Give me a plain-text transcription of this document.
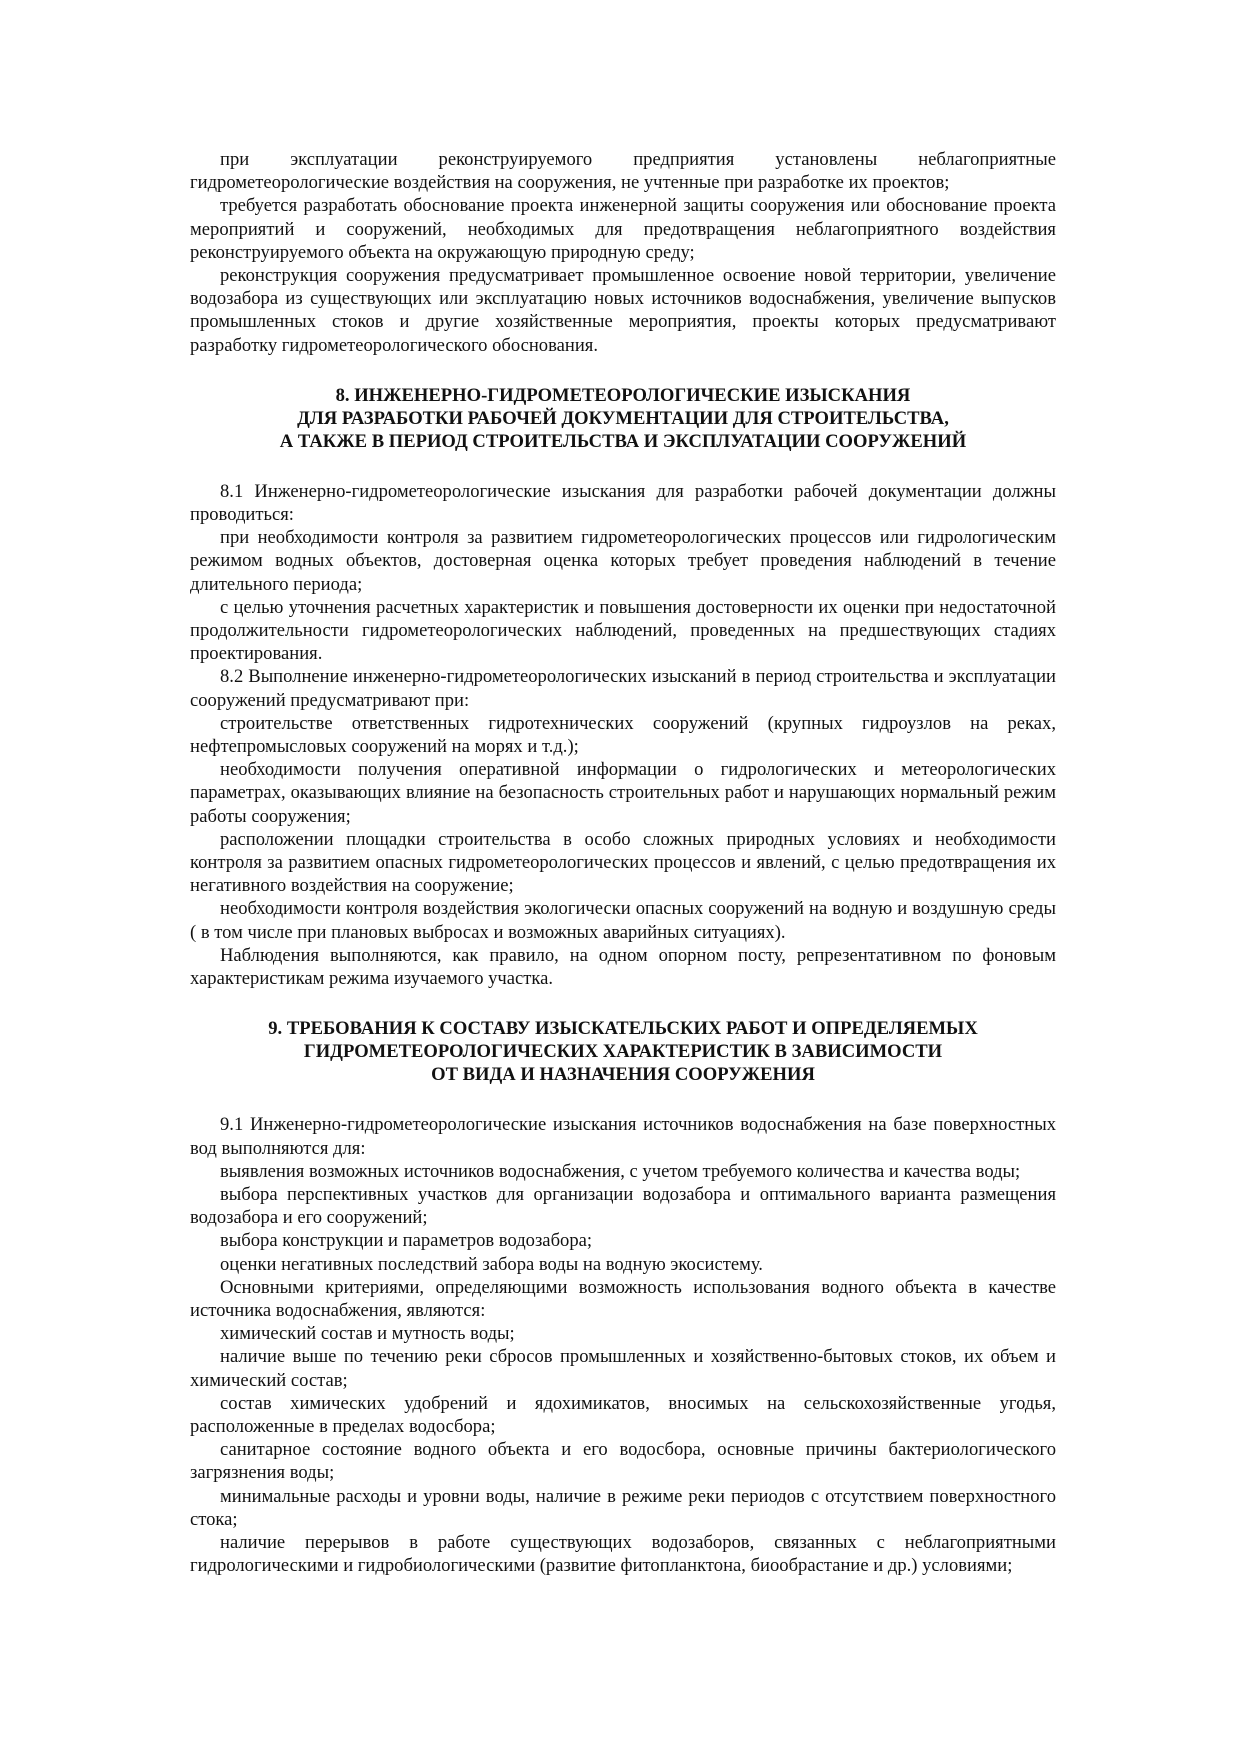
при эксплуатации реконструируемого предприятия установлены неблагоприятные гидрометеорологические воздействия на сооружения, не учтенные при разработке их проектов;

требуется разработать обоснование проекта инженерной защиты сооружения или обоснование проекта мероприятий и сооружений, необходимых для предотвращения неблагоприятного воздействия реконструируемого объекта на окружающую природную среду;

реконструкция сооружения предусматривает промышленное освоение новой территории, увеличение водозабора из существующих или эксплуатацию новых источников водоснабжения, увеличение выпусков промышленных стоков и другие хозяйственные мероприятия, проекты которых предусматривают разработку гидрометеорологического обоснования.

8. ИНЖЕНЕРНО-ГИДРОМЕТЕОРОЛОГИЧЕСКИЕ ИЗЫСКАНИЯ
ДЛЯ РАЗРАБОТКИ РАБОЧЕЙ ДОКУМЕНТАЦИИ ДЛЯ СТРОИТЕЛЬСТВА,
А ТАКЖЕ В ПЕРИОД СТРОИТЕЛЬСТВА И ЭКСПЛУАТАЦИИ СООРУЖЕНИЙ

8.1 Инженерно-гидрометеорологические изыскания для разработки рабочей документации должны проводиться:

при необходимости контроля за развитием гидрометеорологических процессов или гидрологическим режимом водных объектов, достоверная оценка которых требует проведения наблюдений в течение длительного периода;

с целью уточнения расчетных характеристик и повышения достоверности их оценки при недостаточной продолжительности гидрометеорологических наблюдений, проведенных на предшествующих стадиях проектирования.

8.2 Выполнение инженерно-гидрометеорологических изысканий в период строительства и эксплуатации сооружений предусматривают при:

строительстве ответственных гидротехнических сооружений (крупных гидроузлов на реках, нефтепромысловых сооружений на морях и т.д.);

необходимости получения оперативной информации о гидрологических и метеорологических параметрах, оказывающих влияние на безопасность строительных работ и нарушающих нормальный режим работы сооружения;

расположении площадки строительства в особо сложных природных условиях и необходимости контроля за развитием опасных гидрометеорологических процессов и явлений, с целью предотвращения их негативного воздействия на сооружение;

необходимости контроля воздействия экологически опасных сооружений на водную и воздушную среды ( в том числе при плановых выбросах и возможных аварийных ситуациях).

Наблюдения выполняются, как правило, на одном опорном посту, репрезентативном по фоновым характеристикам режима изучаемого участка.

9. ТРЕБОВАНИЯ К СОСТАВУ ИЗЫСКАТЕЛЬСКИХ РАБОТ И ОПРЕДЕЛЯЕМЫХ
ГИДРОМЕТЕОРОЛОГИЧЕСКИХ ХАРАКТЕРИСТИК В ЗАВИСИМОСТИ
ОТ ВИДА И НАЗНАЧЕНИЯ СООРУЖЕНИЯ

9.1 Инженерно-гидрометеорологические изыскания источников водоснабжения на базе поверхностных вод выполняются для:

выявления возможных источников водоснабжения, с учетом требуемого количества и качества воды;

выбора перспективных участков для организации водозабора и оптимального варианта размещения водозабора и его сооружений;

выбора конструкции и параметров водозабора;

оценки негативных последствий забора воды на водную экосистему.

Основными критериями, определяющими возможность использования водного объекта в качестве источника водоснабжения, являются:

химический состав и мутность воды;

наличие выше по течению реки сбросов промышленных и хозяйственно-бытовых стоков, их объем и химический состав;

состав химических удобрений и ядохимикатов, вносимых на сельскохозяйственные угодья, расположенные в пределах водосбора;

санитарное состояние водного объекта и его водосбора, основные причины бактериологического загрязнения воды;

минимальные расходы и уровни воды, наличие в режиме реки периодов с отсутствием поверхностного стока;

наличие перерывов в работе существующих водозаборов, связанных с неблагоприятными гидрологическими и гидробиологическими (развитие фитопланктона, биообрастание и др.) условиями;
